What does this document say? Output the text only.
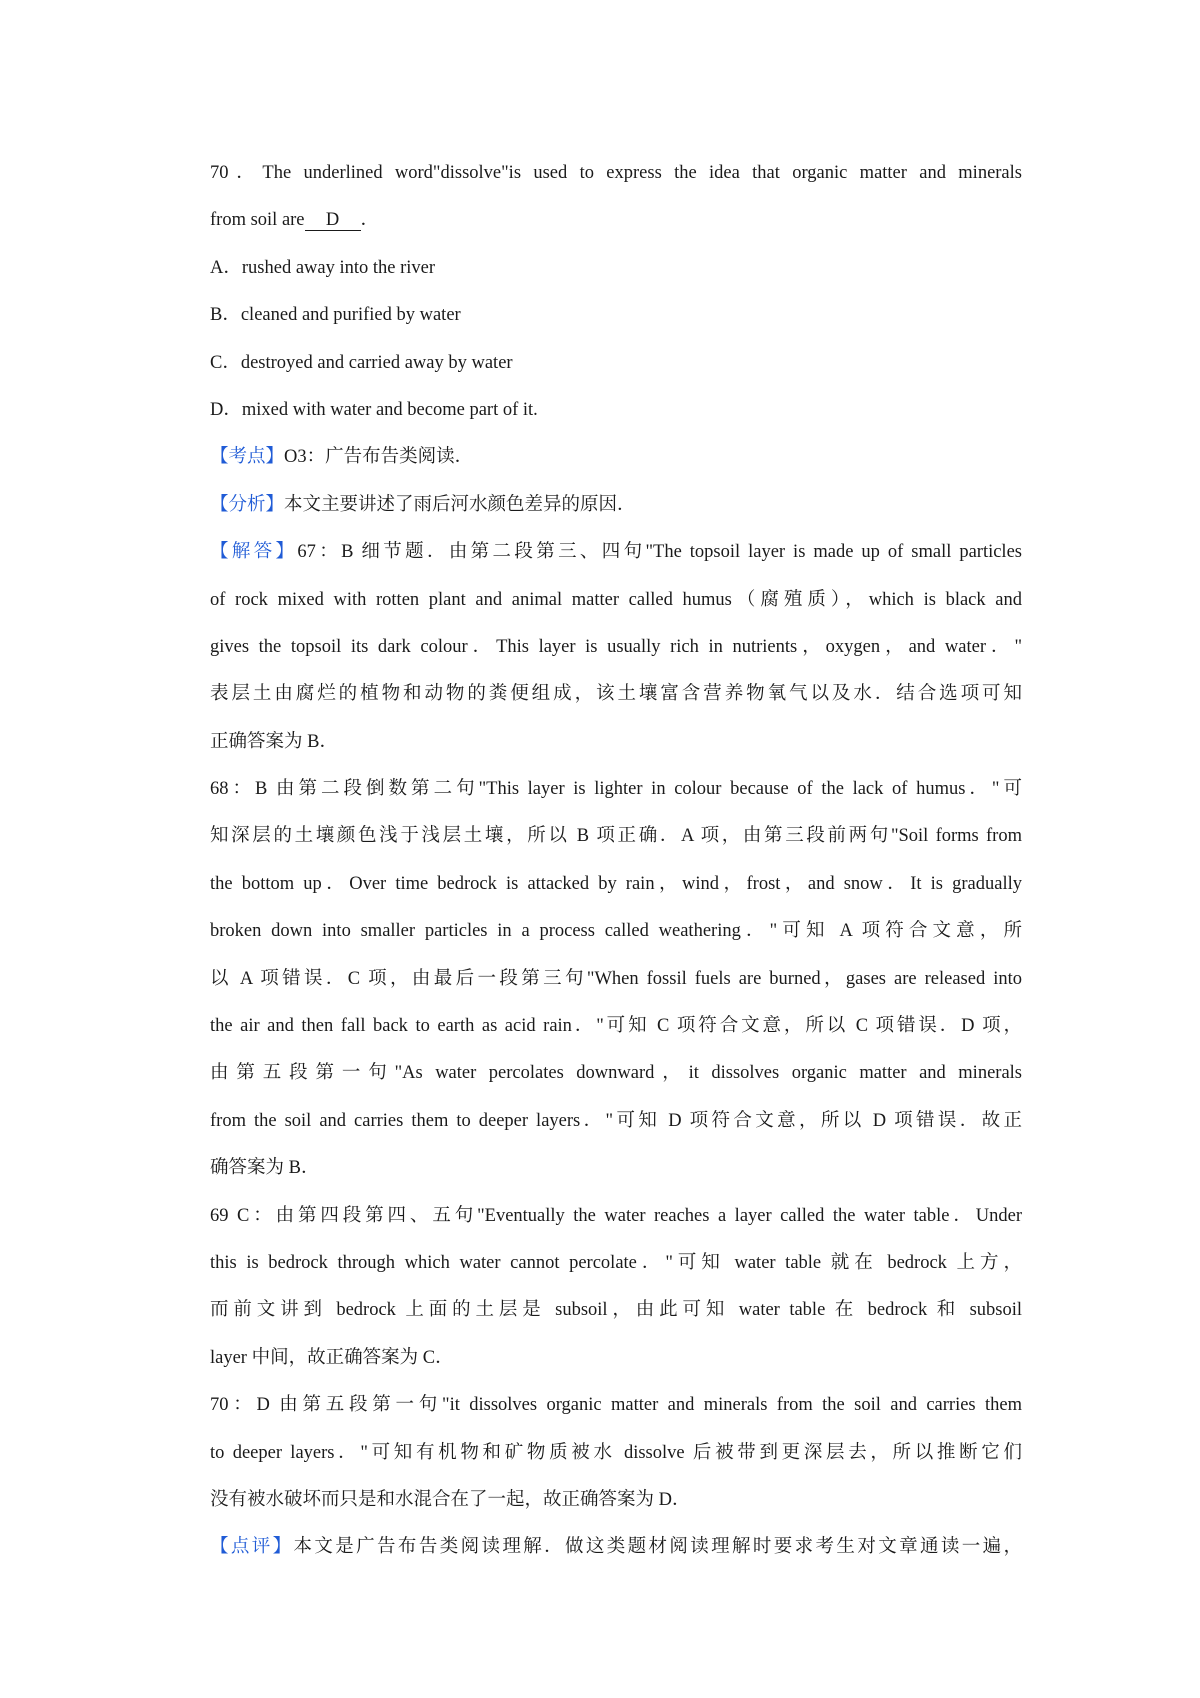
70．The underlined word"dissolve"is used to express the idea that organic matter and minerals
from soil are D ．
A．rushed away into the river
B．cleaned and purified by water
C．destroyed and carried away by water
D．mixed with water and become part of it.
【考点】O3：广告布告类阅读．
【分析】本文主要讲述了雨后河水颜色差异的原因．
【解答】67：B 细节题．由第二段第三、四句"The topsoil layer is made up of small particles
of rock mixed with rotten plant and animal matter called humus（腐殖质），which is black and
gives the topsoil its dark colour．This layer is usually rich in nutrients，oxygen，and water．"
表层土由腐烂的植物和动物的粪便组成，该土壤富含营养物氧气以及水．结合选项可知
正确答案为 B．
68：B 由第二段倒数第二句"This layer is lighter in colour because of the lack of humus．"可
知深层的土壤颜色浅于浅层土壤，所以 B 项正确．A 项，由第三段前两句"Soil forms from
the bottom up．Over time bedrock is attacked by rain，wind，frost，and snow．It is gradually
broken down into smaller particles in a process called weathering．"可知 A 项符合文意，所
以 A 项错误．C 项，由最后一段第三句"When fossil fuels are burned，gases are released into
the air and then fall back to earth as acid rain．"可知 C 项符合文意，所以 C 项错误．D 项，
由第五段第一句"As water percolates downward，it dissolves organic matter and minerals
from the soil and carries them to deeper layers．"可知 D 项符合文意，所以 D 项错误．故正
确答案为 B．
69 C：由第四段第四、五句"Eventually the water reaches a layer called the water table．Under
this is bedrock through which water cannot percolate．"可知 water table 就在 bedrock 上方，
而前文讲到 bedrock 上面的土层是 subsoil，由此可知 water table 在 bedrock 和 subsoil
layer 中间，故正确答案为 C．
70：D 由第五段第一句"it dissolves organic matter and minerals from the soil and carries them
to deeper layers．"可知有机物和矿物质被水 dissolve 后被带到更深层去，所以推断它们
没有被水破坏而只是和水混合在了一起，故正确答案为 D．
【点评】本文是广告布告类阅读理解．做这类题材阅读理解时要求考生对文章通读一遍，
